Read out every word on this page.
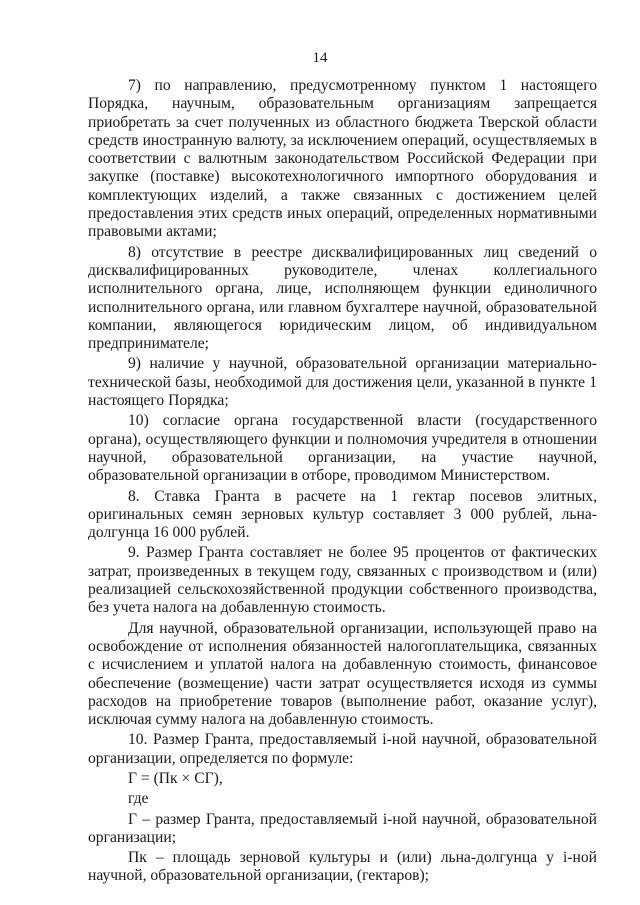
14

7) по направлению, предусмотренному пунктом 1 настоящего Порядка, научным, образовательным организациям запрещается приобретать за счет полученных из областного бюджета Тверской области средств иностранную валюту, за исключением операций, осуществляемых в соответствии с валютным законодательством Российской Федерации при закупке (поставке) высокотехнологичного импортного оборудования и комплектующих изделий, а также связанных с достижением целей предоставления этих средств иных операций, определенных нормативными правовыми актами;

8) отсутствие в реестре дисквалифицированных лиц сведений о дисквалифицированных руководителе, членах коллегиального исполнительного органа, лице, исполняющем функции единоличного исполнительного органа, или главном бухгалтере научной, образовательной компании, являющегося юридическим лицом, об индивидуальном предпринимателе;

9) наличие у научной, образовательной организации материально-технической базы, необходимой для достижения цели, указанной в пункте 1 настоящего Порядка;

10) согласие органа государственной власти (государственного органа), осуществляющего функции и полномочия учредителя в отношении научной, образовательной организации, на участие научной, образовательной организации в отборе, проводимом Министерством.

8. Ставка Гранта в расчете на 1 гектар посевов элитных, оригинальных семян зерновых культур составляет 3 000 рублей, льна-долгунца 16 000 рублей.

9. Размер Гранта составляет не более 95 процентов от фактических затрат, произведенных в текущем году, связанных с производством и (или) реализацией сельскохозяйственной продукции собственного производства, без учета налога на добавленную стоимость.

Для научной, образовательной организации, использующей право на освобождение от исполнения обязанностей налогоплательщика, связанных с исчислением и уплатой налога на добавленную стоимость, финансовое обеспечение (возмещение) части затрат осуществляется исходя из суммы расходов на приобретение товаров (выполнение работ, оказание услуг), исключая сумму налога на добавленную стоимость.

10. Размер Гранта, предоставляемый i-ной научной, образовательной организации, определяется по формуле:

Г = (Пк × СГ),

где

Г – размер Гранта, предоставляемый i-ной научной, образовательной организации;

Пк – площадь зерновой культуры и (или) льна-долгунца у i-ной научной, образовательной организации, (гектаров);
